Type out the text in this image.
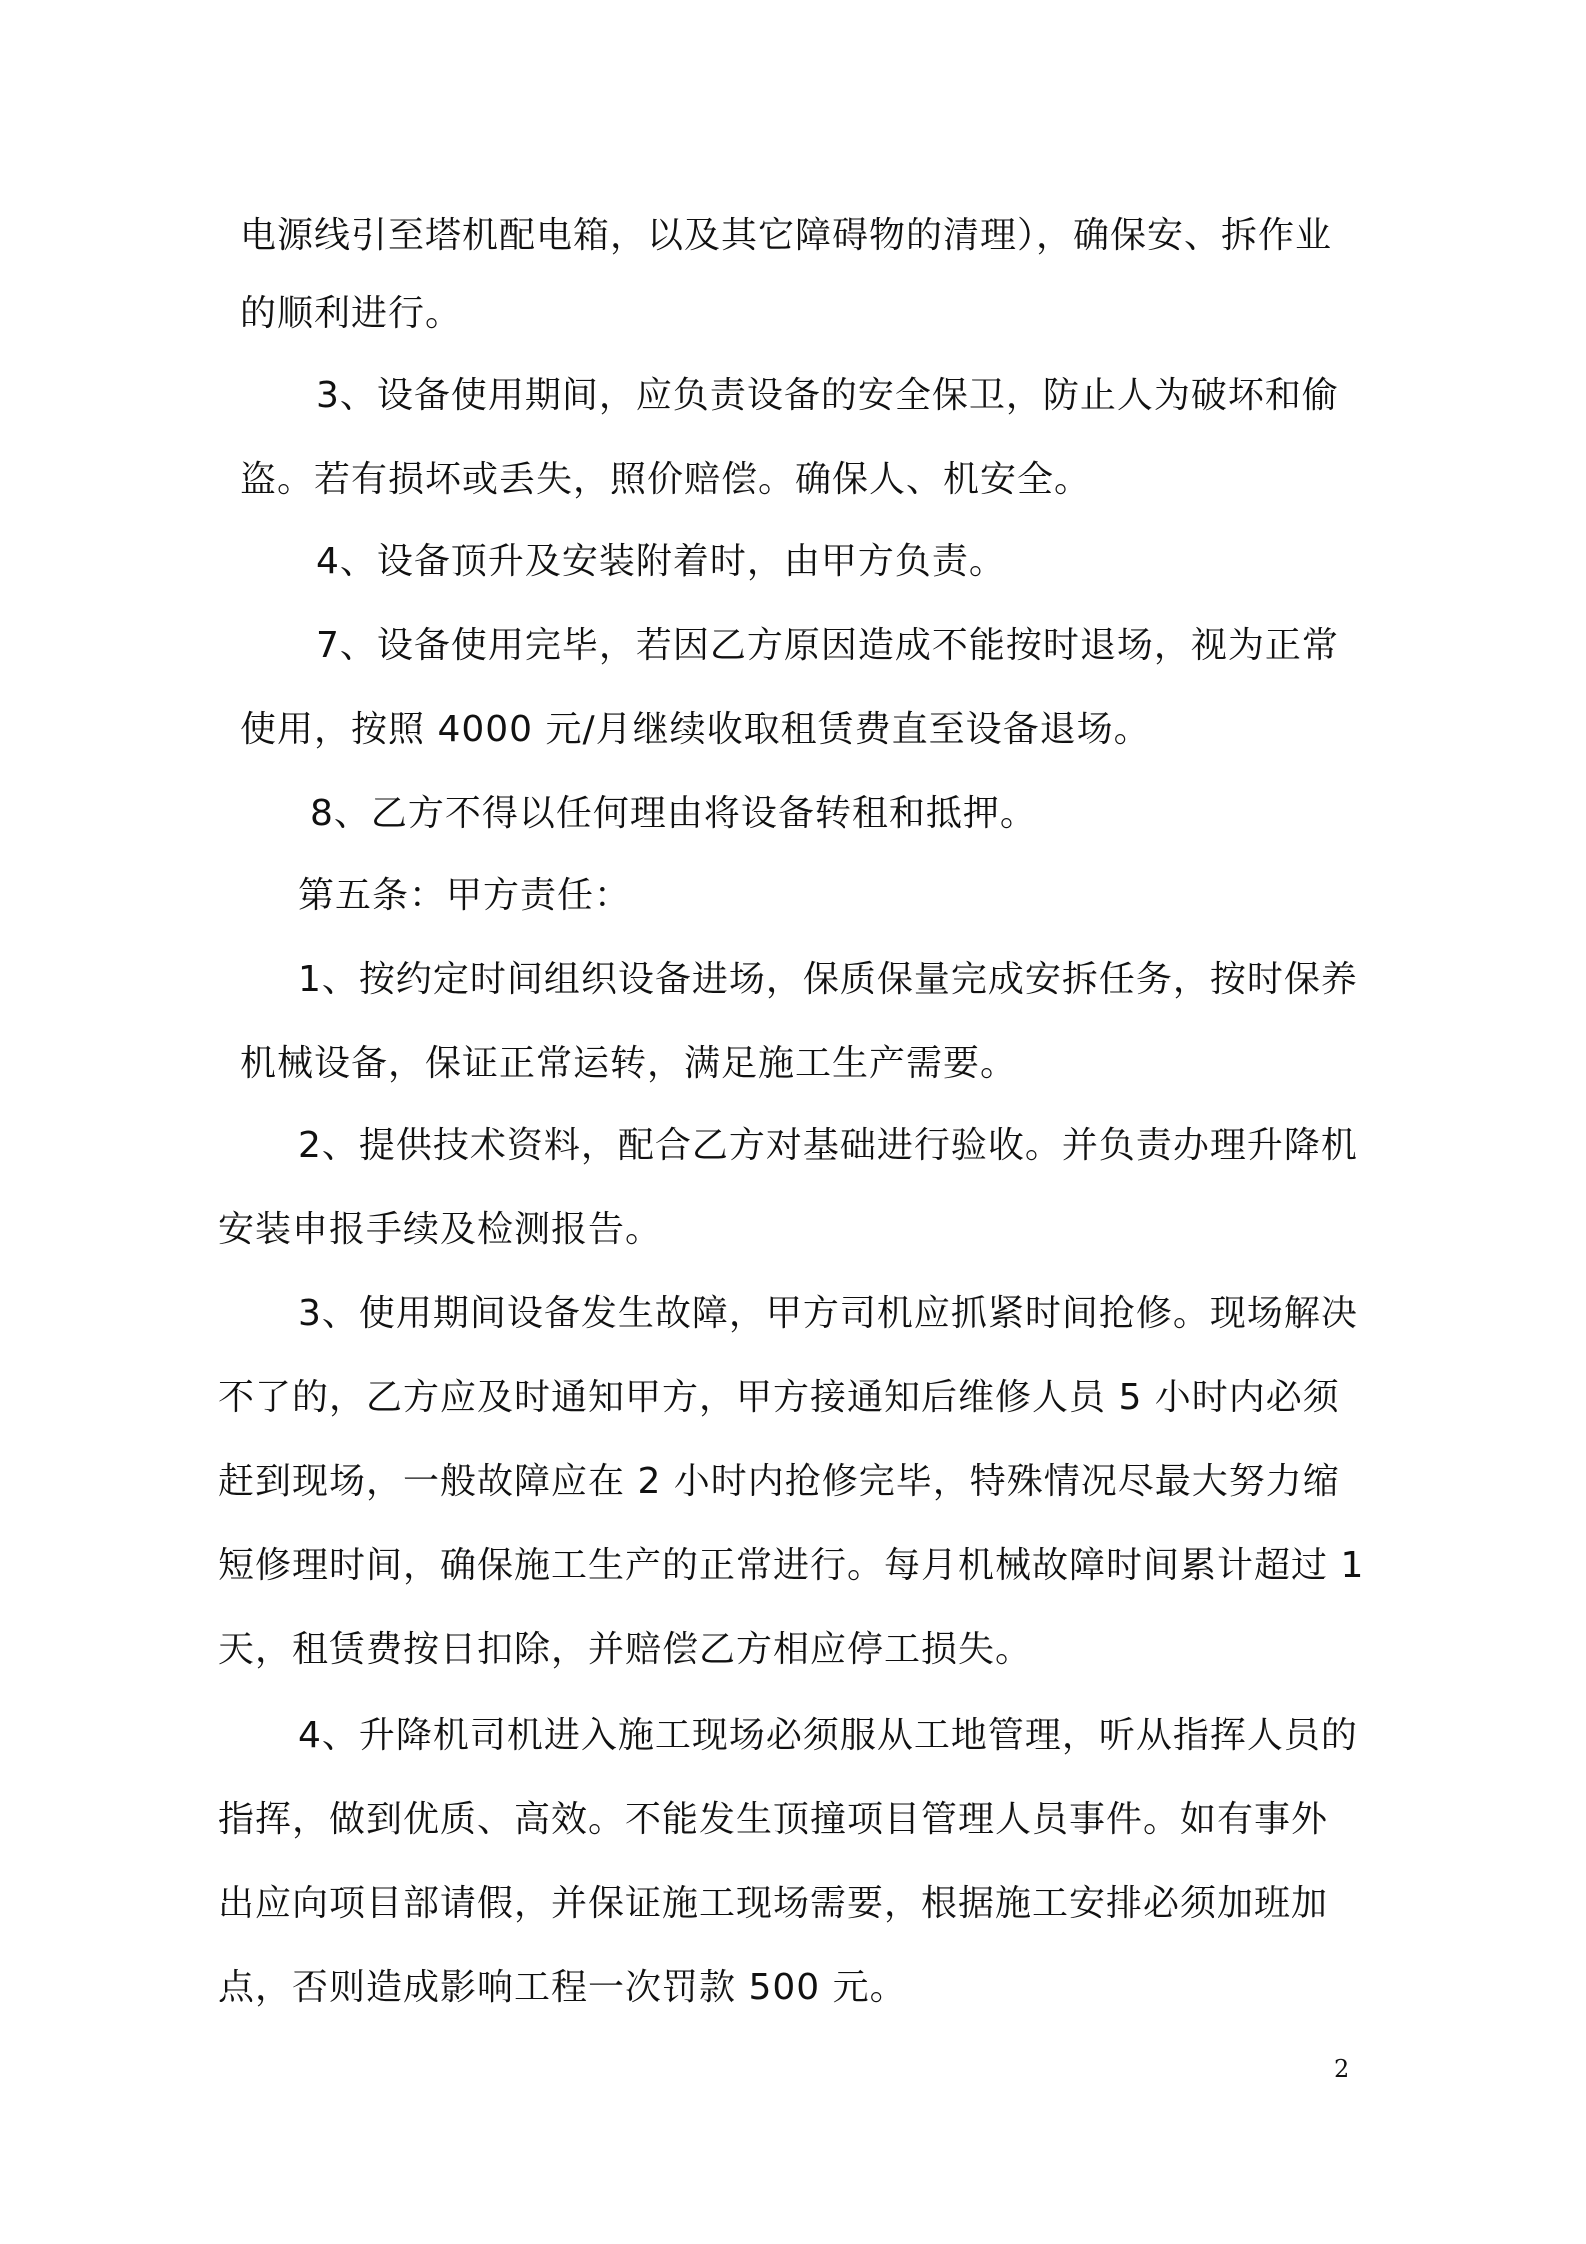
电源线引至塔机配电箱，以及其它障碍物的清理），确保安、拆作业

的顺利进行。

3、设备使用期间，应负责设备的安全保卫，防止人为破坏和偷

盗。若有损坏或丢失，照价赔偿。确保人、机安全。

4、设备顶升及安装附着时，由甲方负责。

7、设备使用完毕，若因乙方原因造成不能按时退场，视为正常

使用，按照 4000 元/月继续收取租赁费直至设备退场。

8、乙方不得以任何理由将设备转租和抵押。

第五条：甲方责任：

1、按约定时间组织设备进场，保质保量完成安拆任务，按时保养

机械设备，保证正常运转，满足施工生产需要。

2、提供技术资料，配合乙方对基础进行验收。并负责办理升降机

安装申报手续及检测报告。

3、使用期间设备发生故障，甲方司机应抓紧时间抢修。现场解决

不了的，乙方应及时通知甲方，甲方接通知后维修人员 5 小时内必须

赶到现场，一般故障应在 2 小时内抢修完毕，特殊情况尽最大努力缩

短修理时间，确保施工生产的正常进行。每月机械故障时间累计超过 1

天，租赁费按日扣除，并赔偿乙方相应停工损失。

4、升降机司机进入施工现场必须服从工地管理，听从指挥人员的

指挥，做到优质、高效。不能发生顶撞项目管理人员事件。如有事外

出应向项目部请假，并保证施工现场需要，根据施工安排必须加班加

点，否则造成影响工程一次罚款 500 元。

2
